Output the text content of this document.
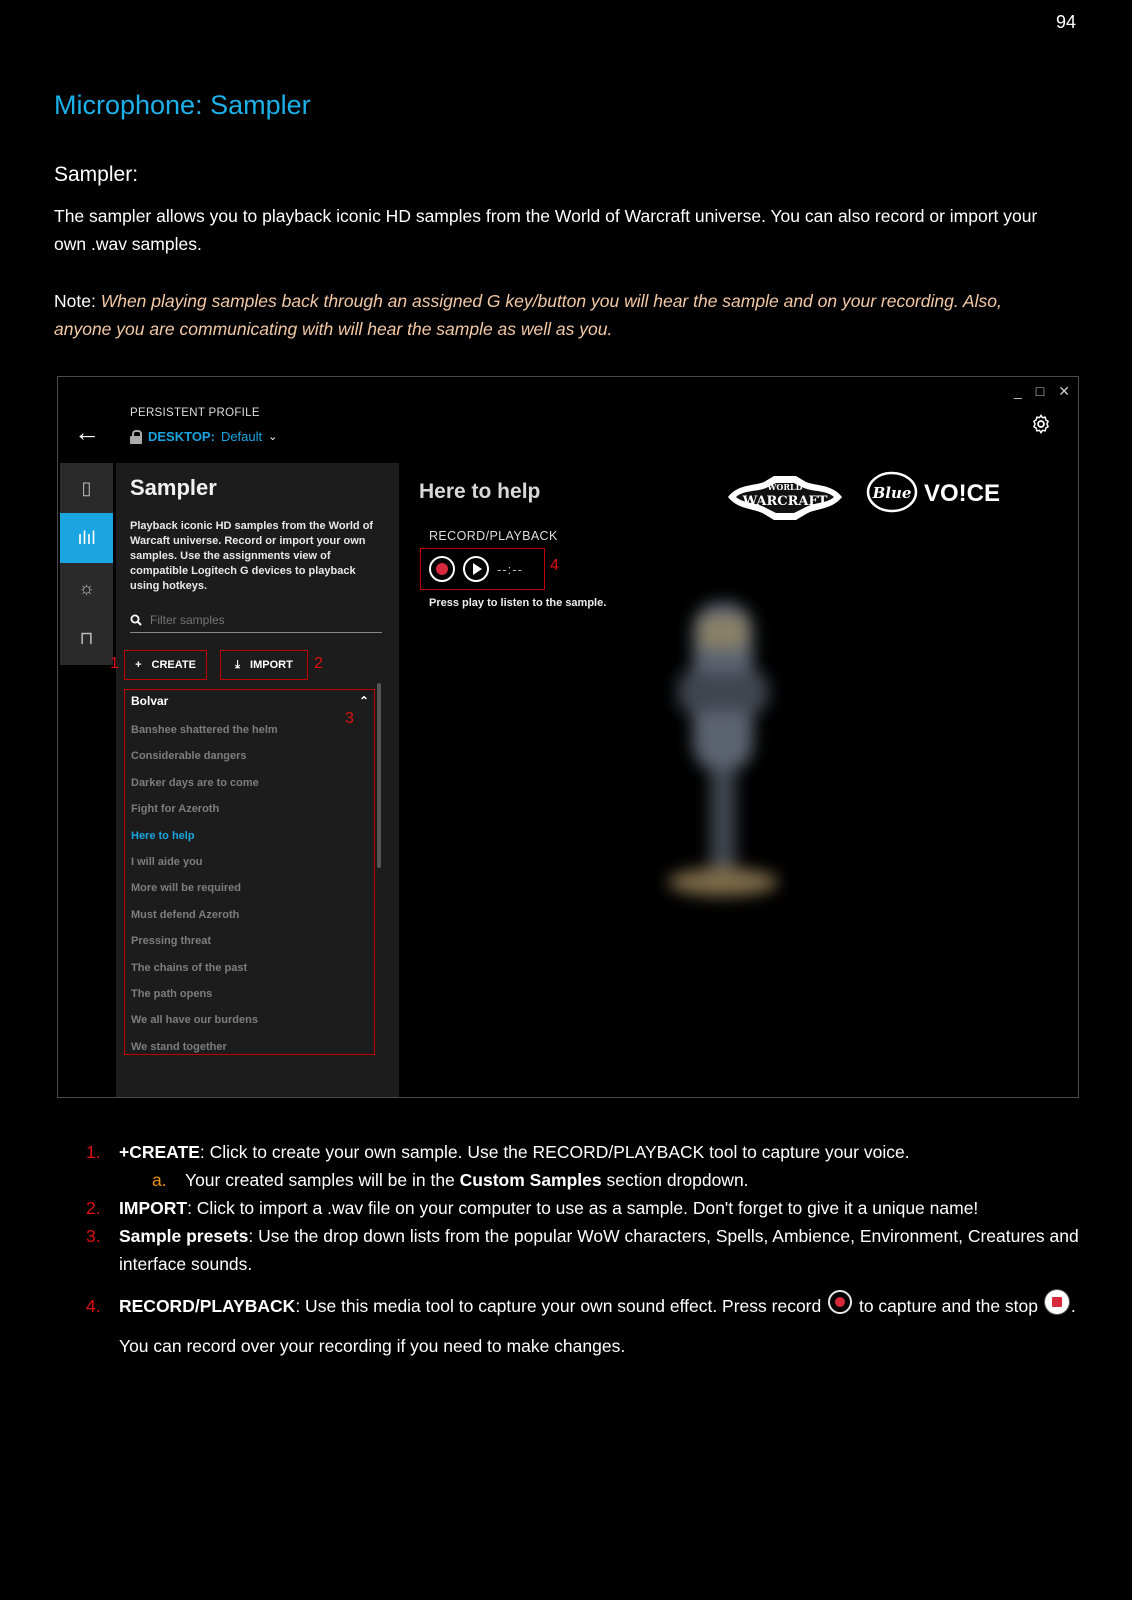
94
Microphone: Sampler
Sampler:

The sampler allows you to playback iconic HD samples from the World of Warcraft universe. You can also record or import your own .wav samples.

Note: When playing samples back through an assigned G key/button you will hear the sample and on your recording. Also, anyone you are communicating with will hear the sample as well as you.

_ □ ✕
←
PERSISTENT PROFILE
DESKTOP: Default ⌄
▯
ılıl
☼
⊓
Sampler
Playback iconic HD samples from the World of Warcaft universe. Record or import your own samples. Use the assignments view of compatible Logitech G devices to playback using hotkeys.
Filter samples
1 + CREATE	⤓ IMPORT 2
Bolvar	⌃
3
Banshee shattered the helm
Considerable dangers
Darker days are to come
Fight for Azeroth
Here to help
I will aide you
More will be required
Must defend Azeroth
Pressing threat
The chains of the past
The path opens
We all have our burdens
We stand together
Here to help
RECORD/PLAYBACK
--:-- 4
Press play to listen to the sample.
WORLD
WARCRAFT	Blue VO!CE
1.	+CREATE: Click to create your own sample. Use the RECORD/PLAYBACK tool to capture your voice.
a.	Your created samples will be in the Custom Samples section dropdown.
2.	IMPORT: Click to import a .wav file on your computer to use as a sample. Don't forget to give it a unique name!
3.	Sample presets: Use the drop down lists from the popular WoW characters, Spells, Ambience, Environment, Creatures and interface sounds.
4.	RECORD/PLAYBACK: Use this media tool to capture your own sound effect. Press record  to capture and the stop . You can record over your recording if you need to make changes.
